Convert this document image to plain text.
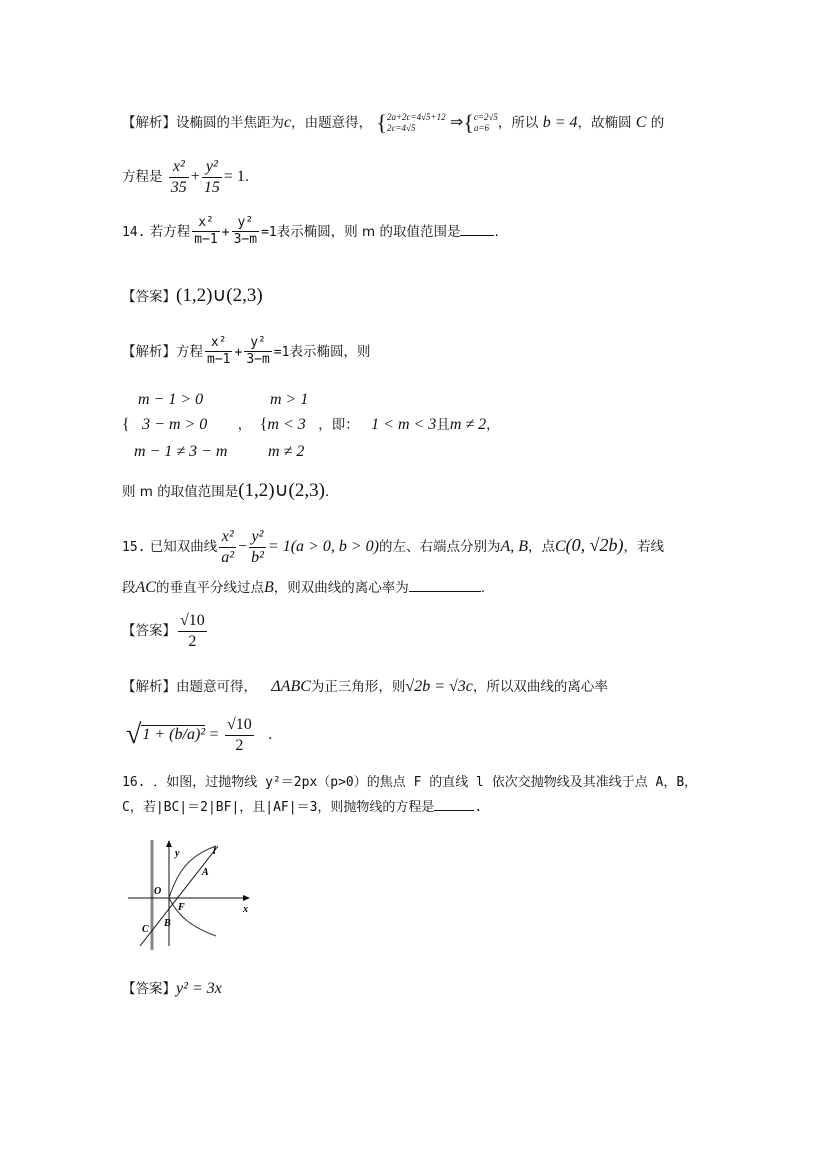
【解析】设椭圆的半焦距为c，由题意得， { 2a+2c=4√5+12
2c=4√5	⇒{ c=2√5
a=6 ，所以 b = 4，故椭圆 C 的
方程是 $\frac{\text{x²}}{35} + \frac{\text{y²}}{15} = 1$.
14. 若方程 $\frac{\text{x²}}{m-1} + \frac{\text{y²}}{3-m} =1$表示椭圆，则 m 的取值范围是	.
【答案】(1,2)∪(2,3)
【解析】方程 $\frac{\text{x²}}{m-1} + \frac{\text{y²}}{3-m} =1$表示椭圆，则
m − 1 > 0	m > 1
{ 3 − m > 0 ， {m < 3 ，即： 1 < m < 3且m ≠ 2，
m − 1 ≠ 3 − m	m ≠ 2
则 m 的取值范围是(1,2)∪(2,3).
15. 已知双曲线 $\frac{\text{x²}}{\text{a²}} - \frac{\text{y²}}{\text{b²}} = 1(a > 0$, b > 0)的左、右端点分别为A, B，点C(0, √2b)，若线
段AC的垂直平分线过点B，则双曲线的离心率为	.
【答案】 $\frac{√10}{2}$
【解析】由题意可得， ΔABC为正三角形，则√2b = √3c，所以双曲线的离心率
$√1 + (b/a)^2 = \frac{√10}{2}$ .
16. ．如图，过抛物线 y²＝2px（p>0）的焦点 F 的直线 l 依次交抛物线及其准线于点 A，B，
C，若|BC|＝2|BF|，且|AF|＝3，则抛物线的方程是	.
y
x
O
F
A
B
C
l
【答案】y² = 3x
